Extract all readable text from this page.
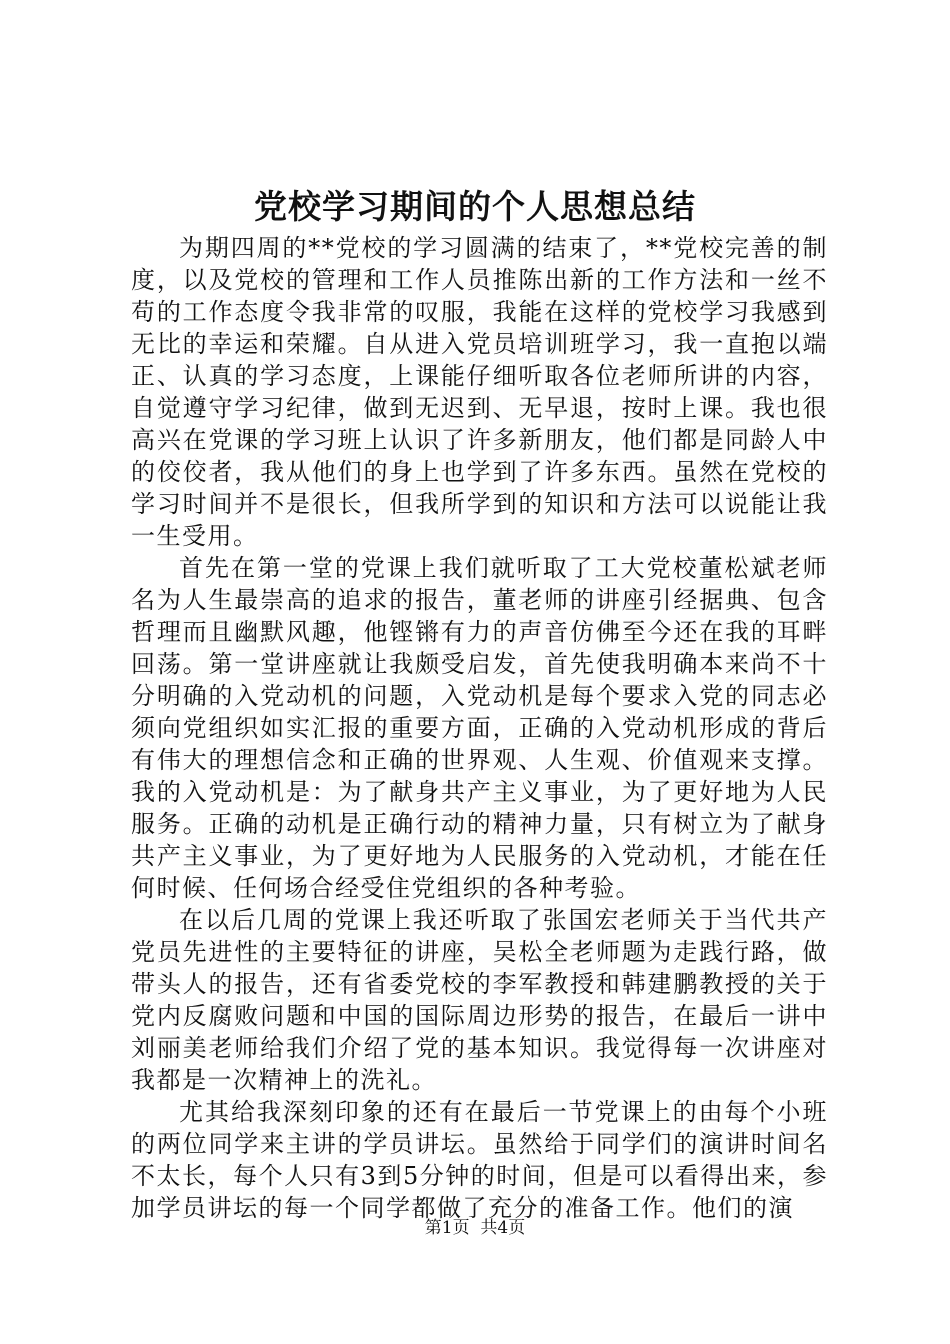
党校学习期间的个人思想总结

为期四周的**党校的学习圆满的结束了，**党校完善的制度，以及党校的管理和工作人员推陈出新的工作方法和一丝不苟的工作态度令我非常的叹服，我能在这样的党校学习我感到无比的幸运和荣耀。自从进入党员培训班学习，我一直抱以端正、认真的学习态度，上课能仔细听取各位老师所讲的内容，自觉遵守学习纪律，做到无迟到、无早退，按时上课。我也很高兴在党课的学习班上认识了许多新朋友，他们都是同龄人中的佼佼者，我从他们的身上也学到了许多东西。虽然在党校的学习时间并不是很长，但我所学到的知识和方法可以说能让我一生受用。

首先在第一堂的党课上我们就听取了工大党校董松斌老师名为人生最崇高的追求的报告，董老师的讲座引经据典、包含哲理而且幽默风趣，他铿锵有力的声音仿佛至今还在我的耳畔回荡。第一堂讲座就让我颇受启发，首先使我明确本来尚不十分明确的入党动机的问题，入党动机是每个要求入党的同志必须向党组织如实汇报的重要方面，正确的入党动机形成的背后有伟大的理想信念和正确的世界观、人生观、价值观来支撑。我的入党动机是：为了献身共产主义事业，为了更好地为人民服务。正确的动机是正确行动的精神力量，只有树立为了献身共产主义事业，为了更好地为人民服务的入党动机，才能在任何时候、任何场合经受住党组织的各种考验。

在以后几周的党课上我还听取了张国宏老师关于当代共产党员先进性的主要特征的讲座，吴松全老师题为走践行路，做带头人的报告，还有省委党校的李军教授和韩建鹏教授的关于党内反腐败问题和中国的国际周边形势的报告，在最后一讲中刘丽美老师给我们介绍了党的基本知识。我觉得每一次讲座对我都是一次精神上的洗礼。

尤其给我深刻印象的还有在最后一节党课上的由每个小班的两位同学来主讲的学员讲坛。虽然给于同学们的演讲时间名不太长，每个人只有3到5分钟的时间，但是可以看得出来，参加学员讲坛的每一个同学都做了充分的准备工作。他们的演

第1页 共4页
